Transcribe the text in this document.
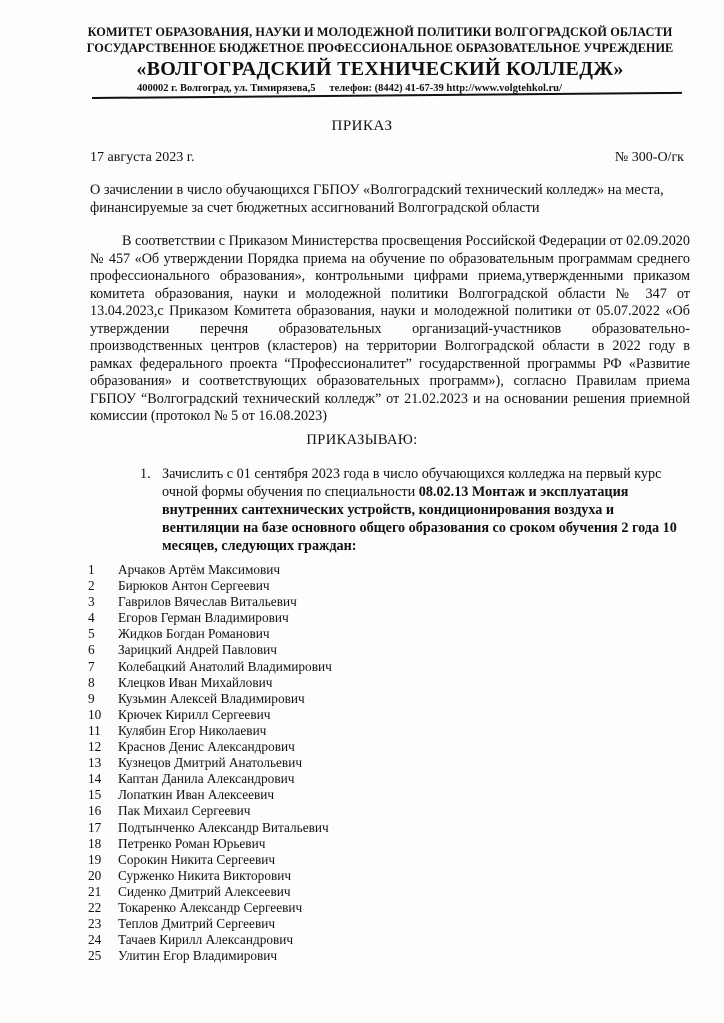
КОМИТЕТ ОБРАЗОВАНИЯ, НАУКИ И МОЛОДЕЖНОЙ ПОЛИТИКИ ВОЛГОГРАДСКОЙ ОБЛАСТИ
ГОСУДАРСТВЕННОЕ БЮДЖЕТНОЕ ПРОФЕССИОНАЛЬНОЕ ОБРАЗОВАТЕЛЬНОЕ УЧРЕЖДЕНИЕ
«ВОЛГОГРАДСКИЙ ТЕХНИЧЕСКИЙ КОЛЛЕДЖ»
400002 г. Волгоград, ул. Тимирязева,5 телефон: (8442) 41-67-39 http://www.volgtehkol.ru/
ПРИКАЗ
17 августа 2023 г.	№ 300-О/гк
О зачислении в число обучающихся ГБПОУ «Волгоградский технический колледж» на места, финансируемые за счет бюджетных ассигнований Волгоградской области
В соответствии с Приказом Министерства просвещения Российской Федерации от 02.09.2020 № 457 «Об утверждении Порядка приема на обучение по образовательным программам среднего профессионального образования», контрольными цифрами приема,утвержденными приказом комитета образования, науки и молодежной политики Волгоградской области № 347 от 13.04.2023,с Приказом Комитета образования, науки и молодежной политики от 05.07.2022 «Об утверждении перечня образовательных организаций-участников образовательно-производственных центров (кластеров) на территории Волгоградской области в 2022 году в рамках федерального проекта “Профессионалитет” государственной программы РФ «Развитие образования» и соответствующих образовательных программ»), согласно Правилам приема ГБПОУ “Волгоградский технический колледж” от 21.02.2023 и на основании решения приемной комиссии (протокол № 5 от 16.08.2023)
ПРИКАЗЫВАЮ:
1. Зачислить с 01 сентября 2023 года в число обучающихся колледжа на первый курс очной формы обучения по специальности 08.02.13 Монтаж и эксплуатация внутренних сантехнических устройств, кондиционирования воздуха и вентиляции на базе основного общего образования со сроком обучения 2 года 10 месяцев, следующих граждан:
1 Арчаков Артём Максимович
2 Бирюков Антон Сергеевич
3 Гаврилов Вячеслав Витальевич
4 Егоров Герман Владимирович
5 Жидков Богдан Романович
6 Зарицкий Андрей Павлович
7 Колебацкий Анатолий Владимирович
8 Клецков Иван Михайлович
9 Кузьмин Алексей Владимирович
10 Крючек Кирилл Сергеевич
11 Кулябин Егор Николаевич
12 Краснов Денис Александрович
13 Кузнецов Дмитрий Анатольевич
14 Каптан Данила Александрович
15 Лопаткин Иван Алексеевич
16 Пак Михаил Сергеевич
17 Подтынченко Александр Витальевич
18 Петренко Роман Юрьевич
19 Сорокин Никита Сергеевич
20 Сурженко Никита Викторович
21 Сиденко Дмитрий Алексеевич
22 Токаренко Александр Сергеевич
23 Теплов Дмитрий Сергеевич
24 Тачаев Кирилл Александрович
25 Улитин Егор Владимирович
